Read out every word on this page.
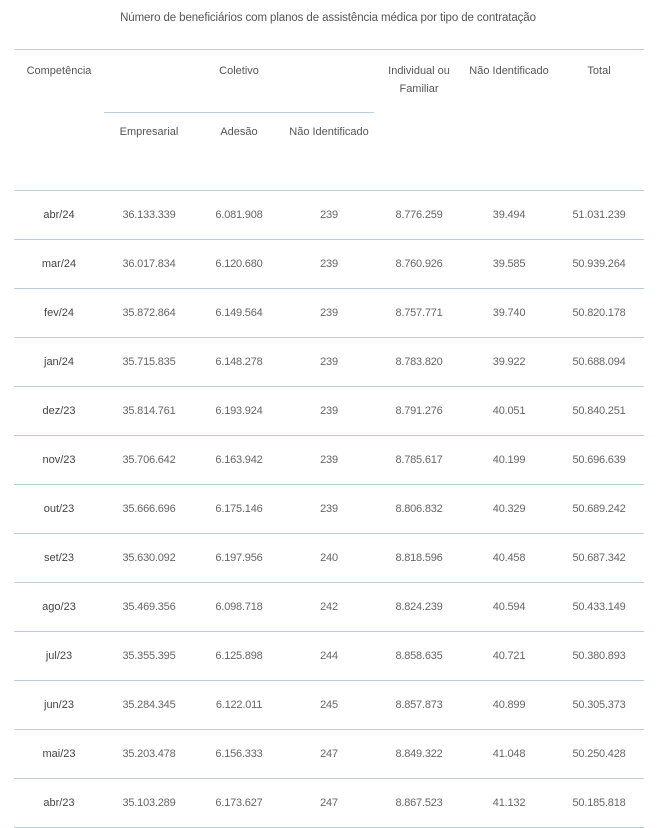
Número de beneficiários com planos de assistência médica por tipo de contratação
Competência	Coletivo			Individual ou Familiar	Não Identificado	Total
	Empresarial	Adesão	Não Identificado			

abr/24	36.133.339	6.081.908	239	8.776.259	39.494	51.031.239
mar/24	36.017.834	6.120.680	239	8.760.926	39.585	50.939.264
fev/24	35.872.864	6.149.564	239	8.757.771	39.740	50.820.178
jan/24	35.715.835	6.148.278	239	8.783.820	39.922	50.688.094
dez/23	35.814.761	6.193.924	239	8.791.276	40.051	50.840.251
nov/23	35.706.642	6.163.942	239	8.785.617	40.199	50.696.639
out/23	35.666.696	6.175.146	239	8.806.832	40.329	50.689.242
set/23	35.630.092	6.197.956	240	8.818.596	40.458	50.687.342
ago/23	35.469.356	6.098.718	242	8.824.239	40.594	50.433.149
jul/23	35.355.395	6.125.898	244	8.858.635	40.721	50.380.893
jun/23	35.284.345	6.122.011	245	8.857.873	40.899	50.305.373
mai/23	35.203.478	6.156.333	247	8.849.322	41.048	50.250.428
abr/23	35.103.289	6.173.627	247	8.867.523	41.132	50.185.818
